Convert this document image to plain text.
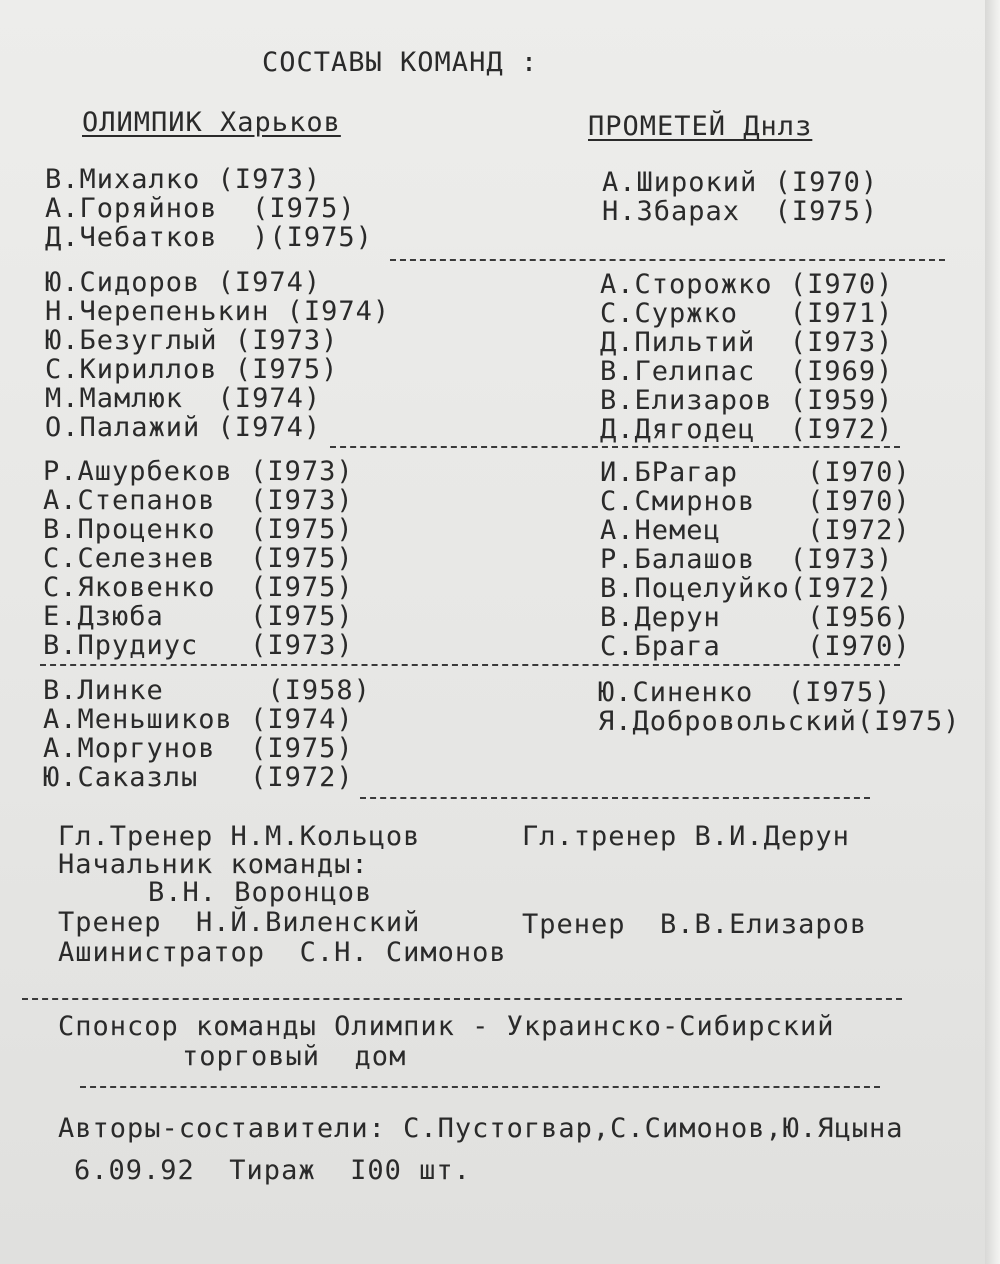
СОСТАВЫ КОМАНД :
ОЛИМПИК Харьков	ПРОМЕТЕЙ Днлз
В.Михалко (I973)
А.Горяйнов  (I975)
Д.Чебатков  )(I975)
Ю.Сидоров (I974)
Н.Черепенькин (I974)
Ю.Безуглый (I973)
С.Кириллов (I975)
М.Мамлюк  (I974)
О.Палажий (I974)
Р.Ашурбеков (I973)
А.Степанов  (I973)
В.Проценко  (I975)
С.Селезнев  (I975)
С.Яковенко  (I975)
Е.Дзюба     (I975)
В.Прудиус   (I973)
В.Линке      (I958)
А.Меньшиков (I974)
А.Моргунов  (I975)
Ю.Саказлы   (I972)
А.Широкий (I970)
Н.Збарах  (I975)
А.Сторожко (I970)
С.Суржко   (I971)
Д.Пильтий  (I973)
В.Гелипас  (I969)
В.Елизаров (I959)
Д.Дягодец  (I972)
И.БРагар    (I970)
С.Смирнов   (I970)
А.Немец     (I972)
Р.Балашов  (I973)
В.Поцелуйко(I972)
В.Дерун     (I956)
С.Брага     (I970)
Ю.Синенко  (I975)
Я.Добровольский(I975)
Гл.Тренер Н.М.Кольцов	Гл.тренер В.И.Дерун
Начальник команды:
В.Н. Воронцов
Тренер  Н.Й.Виленский	Тренер  В.В.Елизаров
Ашинистратор  С.Н. Симонов
Спонсор команды Олимпик - Украинско-Сибирский
торговый  дом
Авторы-составители: С.Пустогвар,С.Симонов,Ю.Яцына
6.09.92  Тираж  I00 шт.
